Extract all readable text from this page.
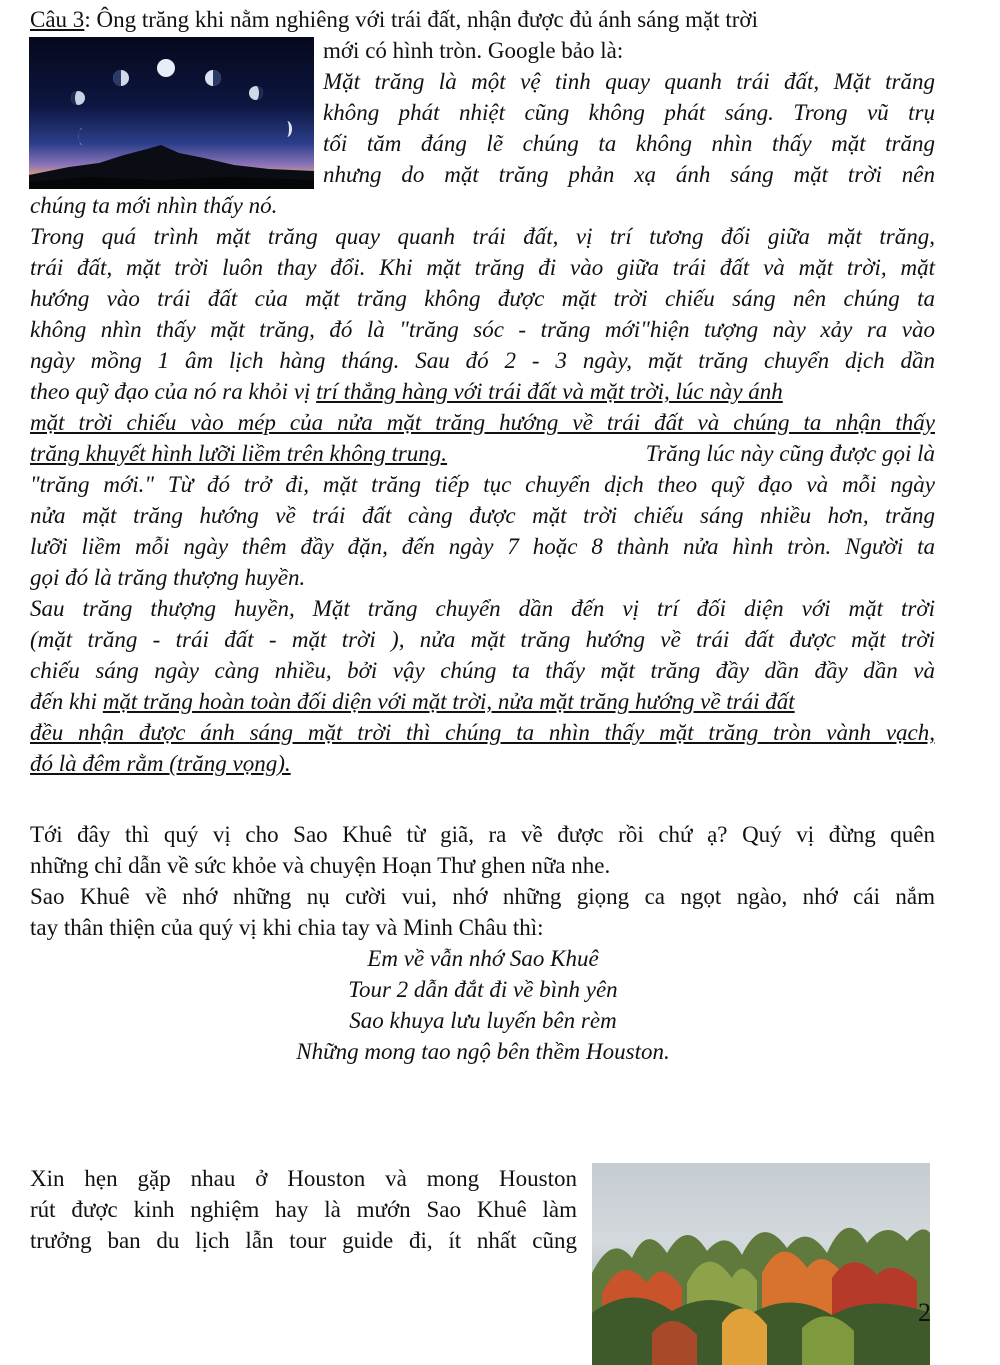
Câu 3: Ông trăng khi nằm nghiêng với trái đất, nhận được đủ ánh sáng mặt trời
mới có hình tròn. Google bảo là:
Mặt trăng là một vệ tinh quay quanh trái đất, Mặt trăng
không phát nhiệt cũng không phát sáng. Trong vũ trụ
tối tăm đáng lẽ chúng ta không nhìn thấy mặt trăng
nhưng do mặt trăng phản xạ ánh sáng mặt trời nên
chúng ta mới nhìn thấy nó.
Trong quá trình mặt trăng quay quanh trái đất, vị trí tương đối giữa mặt trăng,
trái đất, mặt trời luôn thay đổi. Khi mặt trăng đi vào giữa trái đất và mặt trời, mặt
hướng vào trái đất của mặt trăng không được mặt trời chiếu sáng nên chúng ta
không nhìn thấy mặt trăng, đó là "trăng sóc - trăng mới"hiện tượng này xảy ra vào
ngày mồng 1 âm lịch hàng tháng. Sau đó 2 - 3 ngày, mặt trăng chuyển dịch dần
theo quỹ đạo của nó ra khỏi vị trí thẳng hàng với trái đất và mặt trời, lúc này ánh
mặt trời chiếu vào mép của nửa mặt trăng hướng về trái đất và chúng ta nhận thấy
trăng khuyết hình lưỡi liềm trên không trung.	Trăng lúc này cũng được gọi là
"trăng mới." Từ đó trở đi, mặt trăng tiếp tục chuyển dịch theo quỹ đạo và mỗi ngày
nửa mặt trăng hướng về trái đất càng được mặt trời chiếu sáng nhiều hơn, trăng
lưỡi liềm mỗi ngày thêm đầy đặn, đến ngày 7 hoặc 8 thành nửa hình tròn. Người ta
gọi đó là trăng thượng huyền.
Sau trăng thượng huyền, Mặt trăng chuyển dần đến vị trí đối diện với mặt trời
(mặt trăng - trái đất - mặt trời ), nửa mặt trăng hướng về trái đất được mặt trời
chiếu sáng ngày càng nhiều, bởi vậy chúng ta thấy mặt trăng đầy dần đầy dần và
đến khi mặt trăng hoàn toàn đối diện với mặt trời, nửa mặt trăng hướng về trái đất
đều nhận được ánh sáng mặt trời thì chúng ta nhìn thấy mặt trăng tròn vành vạch,
đó là đêm rằm (trăng vọng).
Tới đây thì quý vị cho Sao Khuê từ giã, ra về được rồi chứ ạ? Quý vị đừng quên
những chỉ dẫn về sức khỏe và chuyện Hoạn Thư ghen nữa nhe.
Sao Khuê về nhớ những nụ cười vui, nhớ những giọng ca ngọt ngào, nhớ cái nắm
tay thân thiện của quý vị khi chia tay và Minh Châu thì:
Em về vẫn nhớ Sao Khuê
Tour 2 dẫn đắt đi về bình yên
Sao khuya lưu luyến bên rèm
Những mong tao ngộ bên thềm Houston.
Xin hẹn gặp nhau ở Houston và mong Houston
rút được kinh nghiệm hay là mướn Sao Khuê làm
trưởng ban du lịch lẫn tour guide đi, ít nhất cũng
2
